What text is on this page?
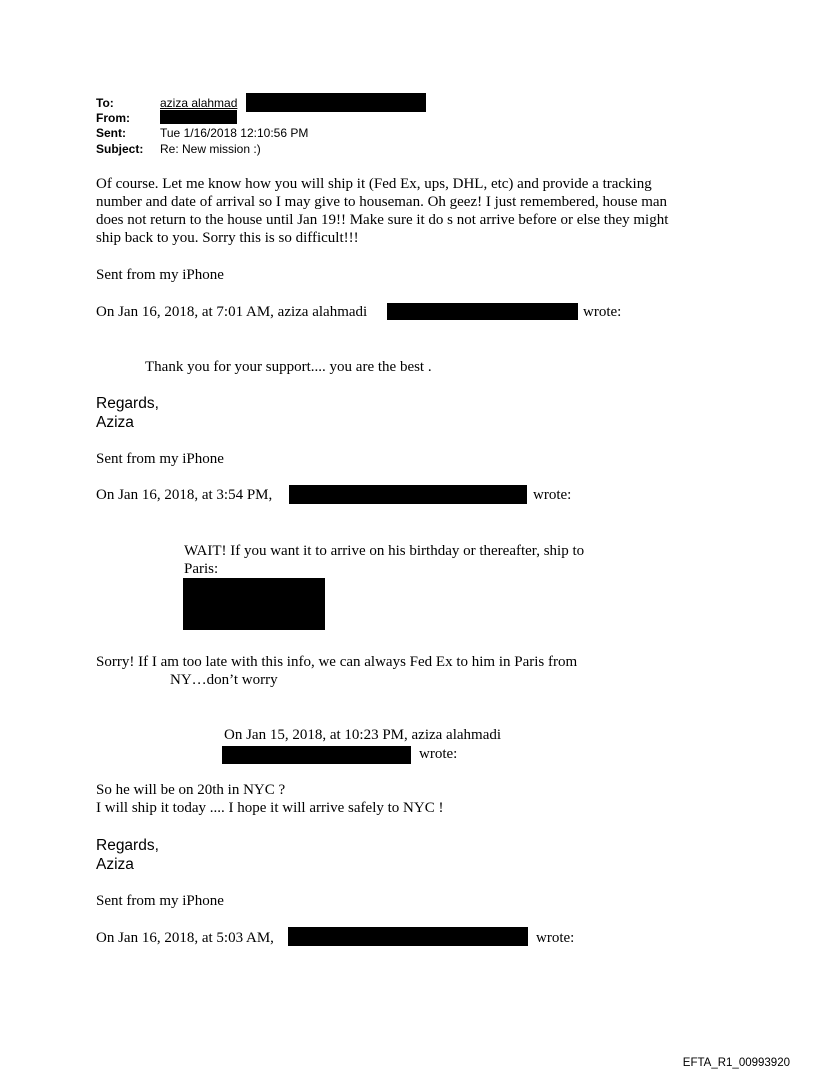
To:	aziza alahmad
From:
Sent:	Tue 1/16/2018 12:10:56 PM
Subject: Re: New mission :)
Of course. Let me know how you will ship it (Fed Ex, ups, DHL, etc) and provide a tracking
number and date of arrival so I may give to houseman. Oh geez! I just remembered, house man
does not return to the house until Jan 19!! Make sure it do s not arrive before or else they might
ship back to you. Sorry this is so difficult!!!
Sent from my iPhone
On Jan 16, 2018, at 7:01 AM, aziza alahmadi	wrote:
Thank you for your support.... you are the best .
Regards,
Aziza
Sent from my iPhone
On Jan 16, 2018, at 3:54 PM,	wrote:
WAIT! If you want it to arrive on his birthday or thereafter, ship to
Paris:
Sorry! If I am too late with this info, we can always Fed Ex to him in Paris from
NY…don’t worry
On Jan 15, 2018, at 10:23 PM, aziza alahmadi
wrote:
So he will be on 20th in NYC ?
I will ship it today .... I hope it will arrive safely to NYC !
Regards,
Aziza
Sent from my iPhone
On Jan 16, 2018, at 5:03 AM,	wrote:
EFTA_R1_00993920
